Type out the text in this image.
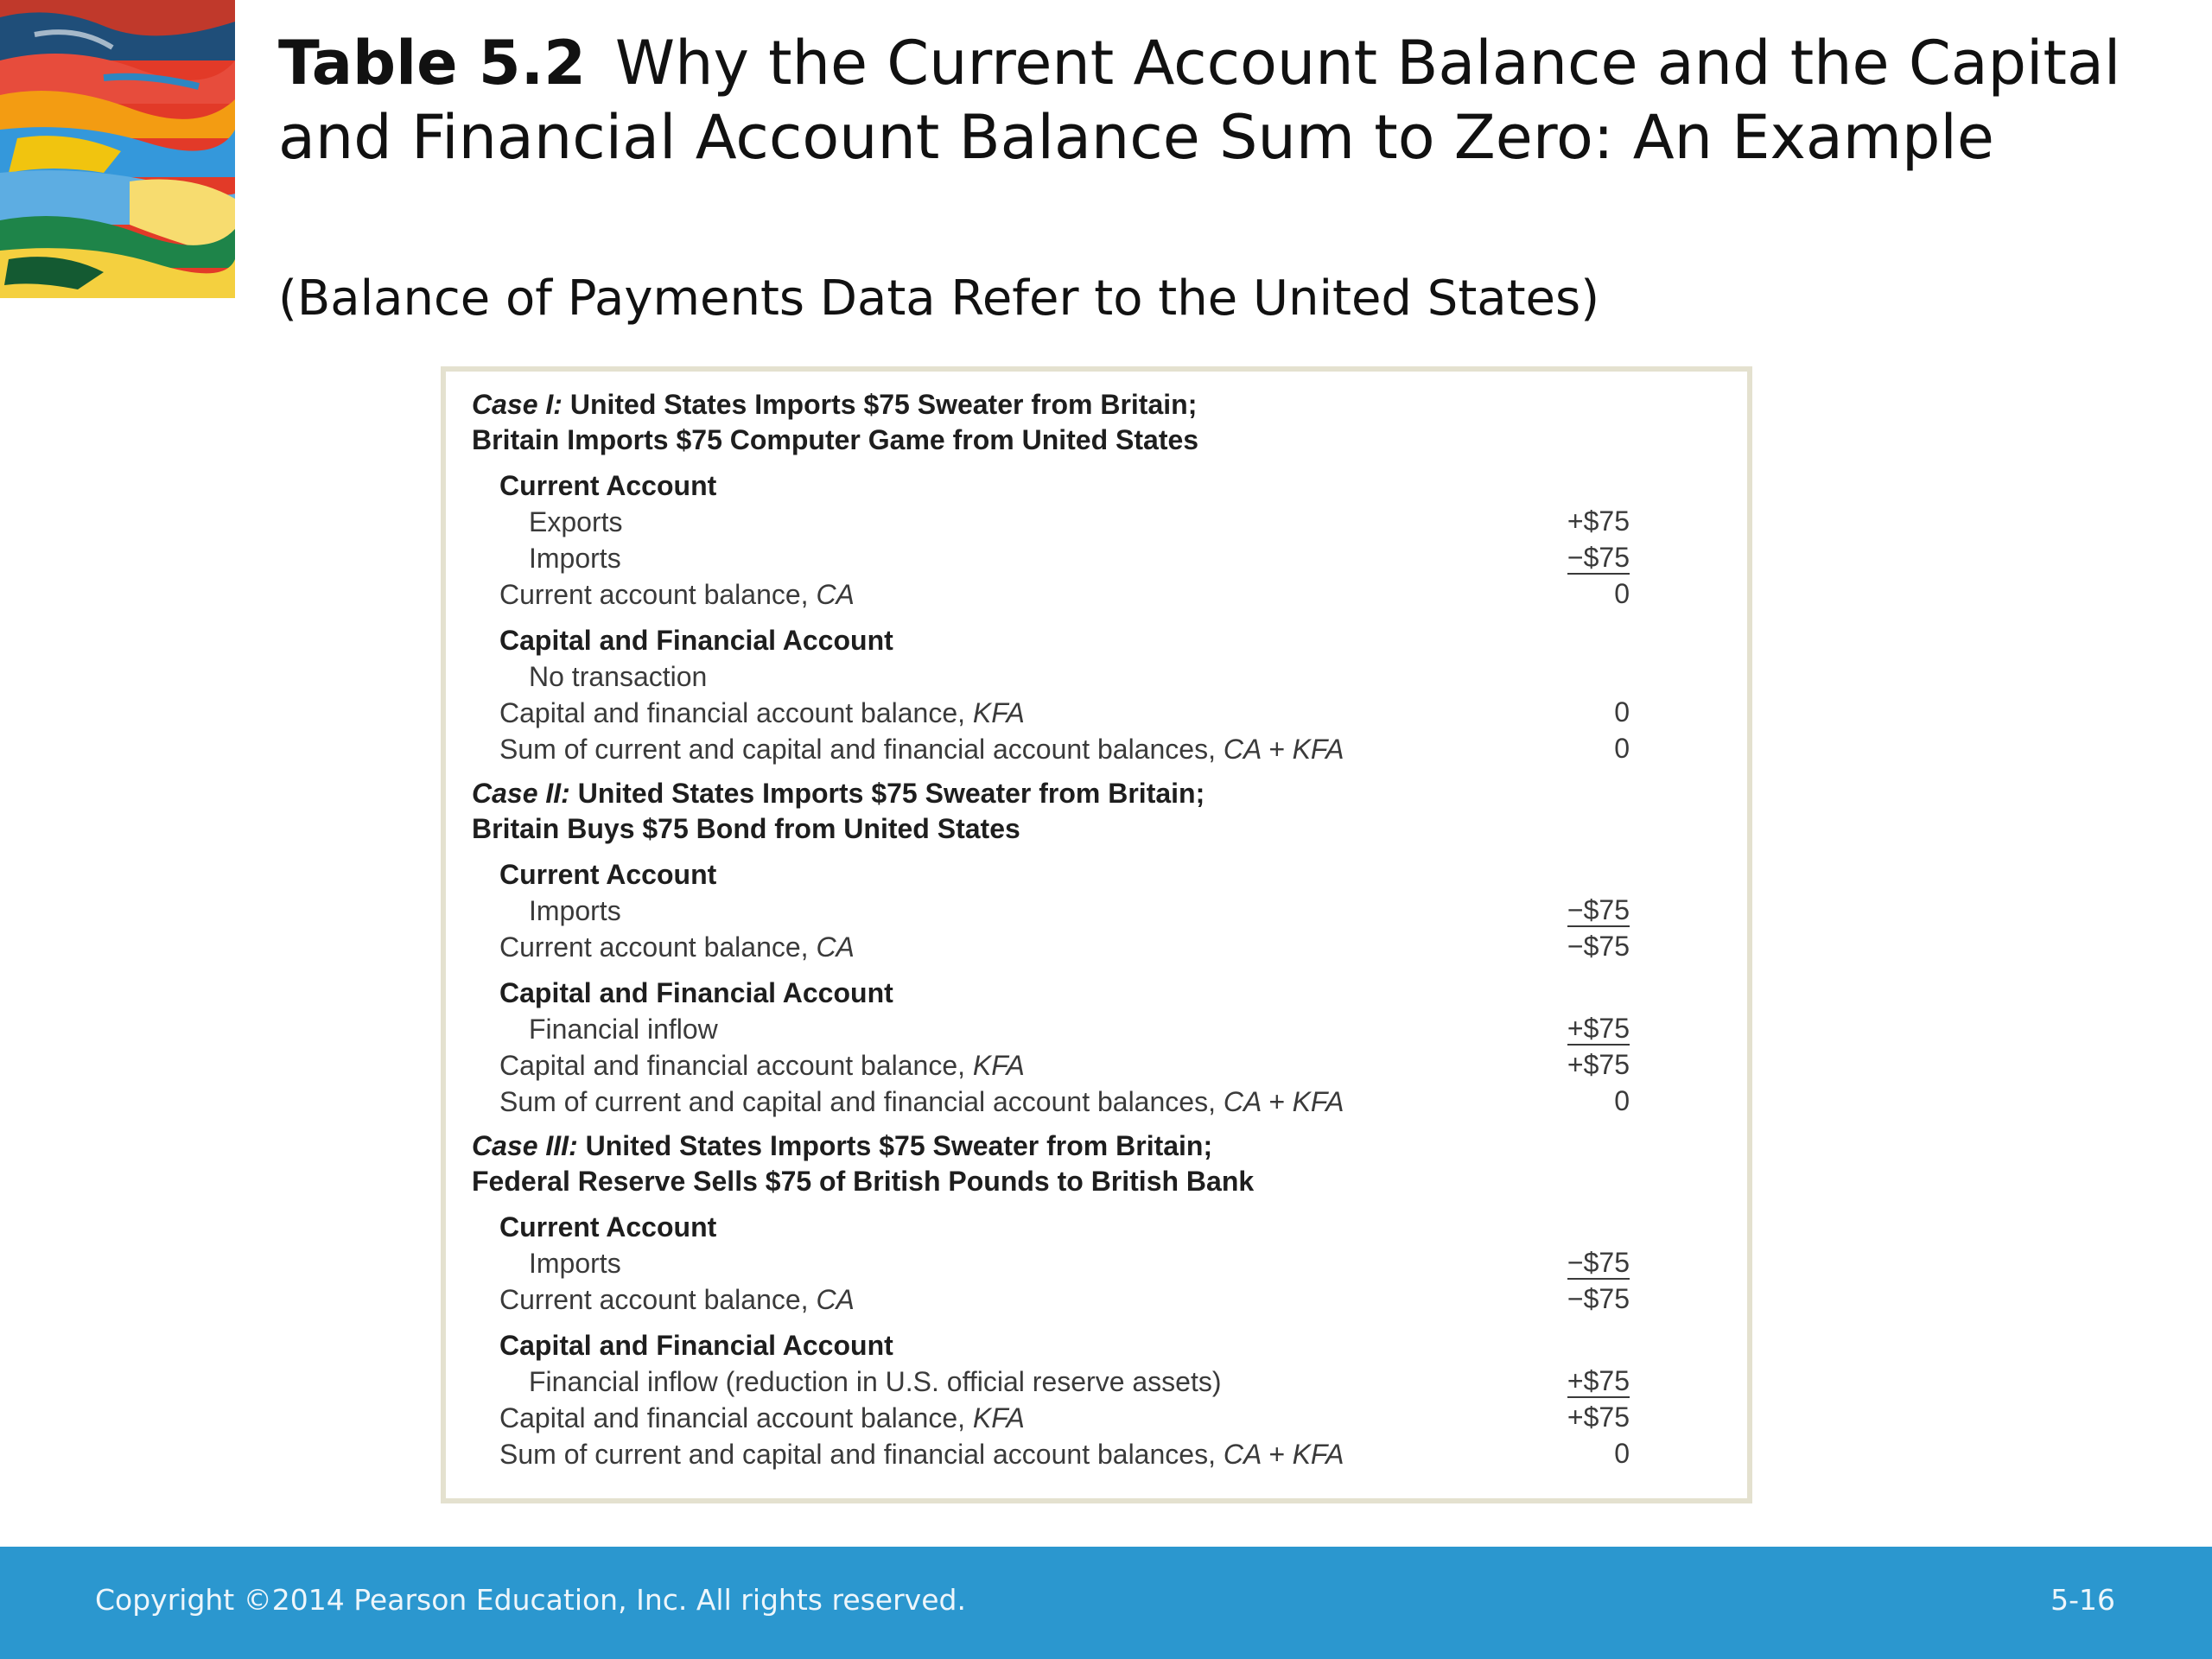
Table 5.2 Why the Current Account Balance and the Capital and Financial Account Balance Sum to Zero: An Example
(Balance of Payments Data Refer to the United States)
Case I: United States Imports $75 Sweater from Britain;
Britain Imports $75 Computer Game from United States
Current Account
Exports	+$75
Imports	−$75
Current account balance, CA	0
Capital and Financial Account
No transaction
Capital and financial account balance, KFA	0
Sum of current and capital and financial account balances, CA + KFA	0
Case II: United States Imports $75 Sweater from Britain;
Britain Buys $75 Bond from United States
Current Account
Imports	−$75
Current account balance, CA	−$75
Capital and Financial Account
Financial inflow	+$75
Capital and financial account balance, KFA	+$75
Sum of current and capital and financial account balances, CA + KFA	0
Case III: United States Imports $75 Sweater from Britain;
Federal Reserve Sells $75 of British Pounds to British Bank
Current Account
Imports	−$75
Current account balance, CA	−$75
Capital and Financial Account
Financial inflow (reduction in U.S. official reserve assets)	+$75
Capital and financial account balance, KFA	+$75
Sum of current and capital and financial account balances, CA + KFA	0
Copyright ©2014 Pearson Education, Inc. All rights reserved.	5-16
